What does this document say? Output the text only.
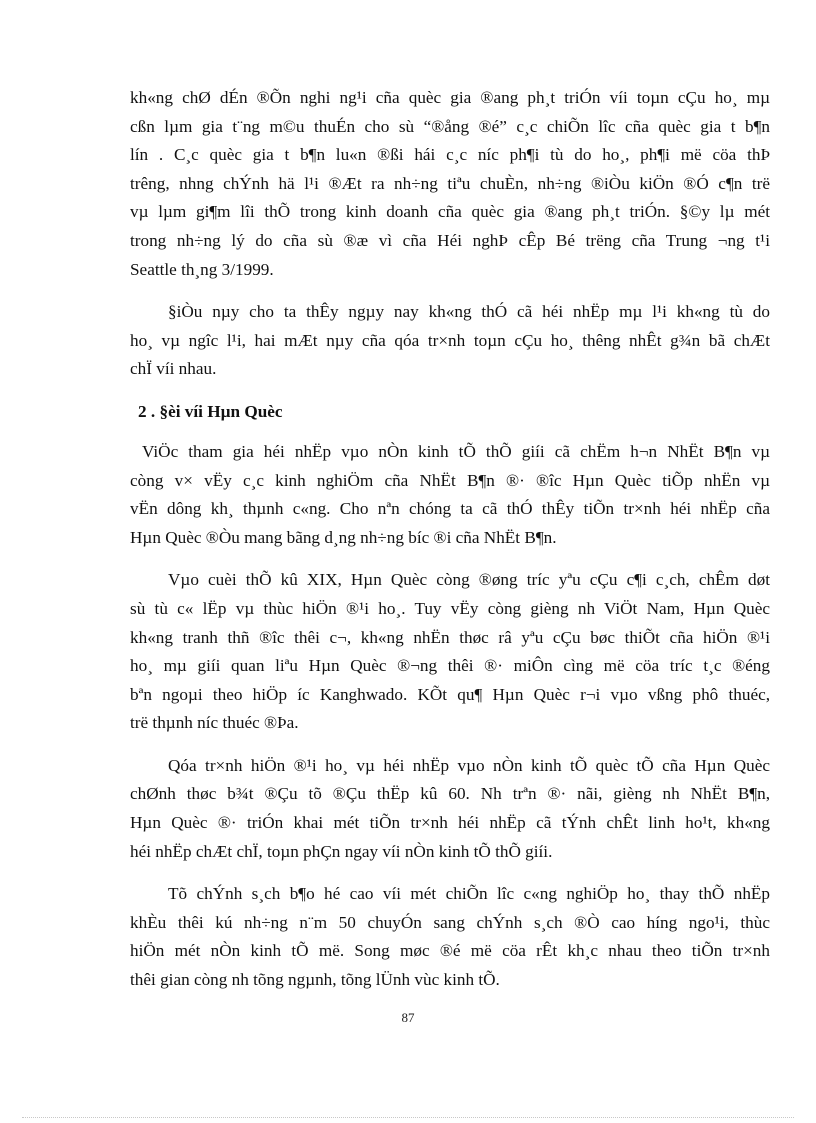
kh«ng chØ dÉn ®Õn nghi ng¹i cña quèc gia ®ang ph¸t triÓn víi toµn cÇu ho¸ mµ
cßn lµm gia t¨ng m©u thuÉn cho sù “®ång ®é” c¸c chiÕn lîc cña quèc gia t b¶n
lín . C¸c quèc gia t b¶n lu«n ®ßi hái c¸c níc ph¶i tù do ho¸, ph¶i më cöa thÞ
trêng, nhng chÝnh hä l¹i ®Æt ra nh÷ng tiªu chuÈn, nh÷ng ®iÒu kiÖn ®Ó c¶n trë
vµ lµm gi¶m lîi thÕ trong kinh doanh cña quèc gia ®ang ph¸t triÓn. §©y lµ mét
trong nh÷ng lý do cña sù ®æ vì cña Héi nghÞ cÊp Bé trëng cña Trung ¬ng t¹i
Seattle th¸ng 3/1999.

§iÒu nµy cho ta thÊy ngµy nay kh«ng thÓ cã héi nhËp mµ l¹i kh«ng tù do
ho¸ vµ ngîc l¹i, hai mÆt nµy cña qóa tr×nh toµn cÇu ho¸ thêng nhÊt g¾n bã chÆt
chÏ víi nhau.

2 . §èi víi Hµn Quèc

ViÖc tham gia héi nhËp vµo nÒn kinh tÕ thÕ giíi cã chËm h¬n NhËt B¶n vµ
còng v× vËy c¸c kinh nghiÖm cña NhËt B¶n ®· ®îc Hµn Quèc tiÕp nhËn vµ
vËn dông kh¸ thµnh c«ng. Cho nªn chóng ta cã thÓ thÊy tiÕn tr×nh héi nhËp cña
Hµn Quèc ®Òu mang bãng d¸ng nh÷ng bíc ®i cña NhËt B¶n.

Vµo cuèi thÕ kû XIX, Hµn Quèc còng ®øng tríc yªu cÇu c¶i c¸ch, chÊm døt
sù tù c« lËp vµ thùc hiÖn ®¹i ho¸. Tuy vËy còng gièng nh ViÖt Nam, Hµn Quèc
kh«ng tranh thñ ®îc thêi c¬, kh«ng nhËn thøc râ yªu cÇu bøc thiÕt cña hiÖn ®¹i
ho¸ mµ giíi quan liªu Hµn Quèc ®¬ng thêi ®· miÔn cìng më cöa tríc t¸c ®éng
bªn ngoµi theo hiÖp íc Kanghwado. KÕt qu¶ Hµn Quèc r¬i vµo vßng phô thuéc,
trë thµnh níc thuéc ®Þa.

Qóa tr×nh hiÖn ®¹i ho¸ vµ héi nhËp vµo nÒn kinh tÕ quèc tÕ cña Hµn Quèc
chØnh thøc b¾t ®Çu tõ ®Çu thËp kû 60. Nh trªn ®· nãi, gièng nh NhËt B¶n,
Hµn Quèc ®· triÓn khai mét tiÕn tr×nh héi nhËp cã tÝnh chÊt linh ho¹t, kh«ng
héi nhËp chÆt chÏ, toµn phÇn ngay víi nÒn kinh tÕ thÕ giíi.

Tõ chÝnh s¸ch b¶o hé cao víi mét chiÕn lîc c«ng nghiÖp ho¸ thay thÕ nhËp
khÈu thêi kú nh÷ng n¨m 50 chuyÓn sang chÝnh s¸ch ®Ò cao híng ngo¹i, thùc
hiÖn mét nÒn kinh tÕ më. Song møc ®é më cöa rÊt kh¸c nhau theo tiÕn tr×nh
thêi gian còng nh tõng ngµnh, tõng lÜnh vùc kinh tÕ.

87
